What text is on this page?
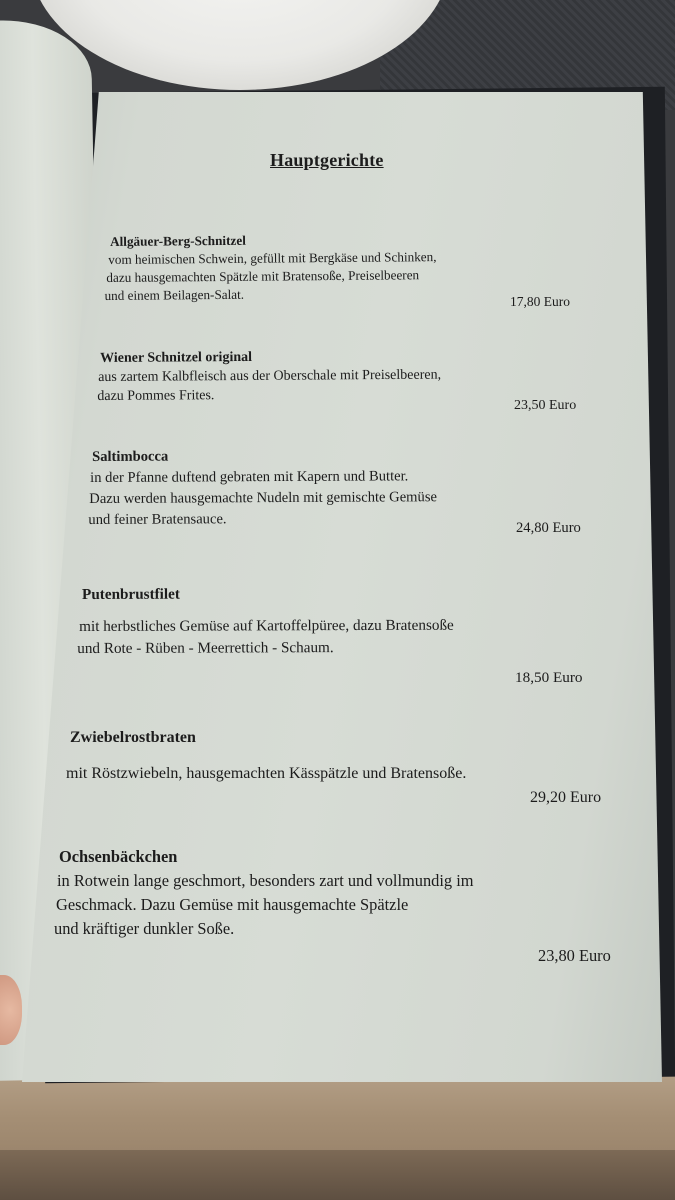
Hauptgerichte
Allgäuer-Berg-Schnitzel
vom heimischen Schwein, gefüllt mit Bergkäse und Schinken,
dazu hausgemachten Spätzle mit Bratensoße, Preiselbeeren
und einem Beilagen-Salat.	17,80 Euro
Wiener Schnitzel original
aus zartem Kalbfleisch aus der Oberschale mit Preiselbeeren,
dazu Pommes Frites.
23,50 Euro
Saltimbocca
in der Pfanne duftend gebraten mit Kapern und Butter.
Dazu werden hausgemachte Nudeln mit gemischte Gemüse
und feiner Bratensauce.
24,80 Euro
Putenbrustfilet
mit herbstliches Gemüse auf Kartoffelpüree, dazu Bratensoße
und Rote - Rüben - Meerrettich - Schaum.
18,50 Euro
Zwiebelrostbraten
mit Röstzwiebeln, hausgemachten Kässpätzle und Bratensoße.
29,20 Euro
Ochsenbäckchen
in Rotwein lange geschmort, besonders zart und vollmundig im
Geschmack. Dazu Gemüse mit hausgemachte Spätzle
und kräftiger dunkler Soße.
23,80 Euro
